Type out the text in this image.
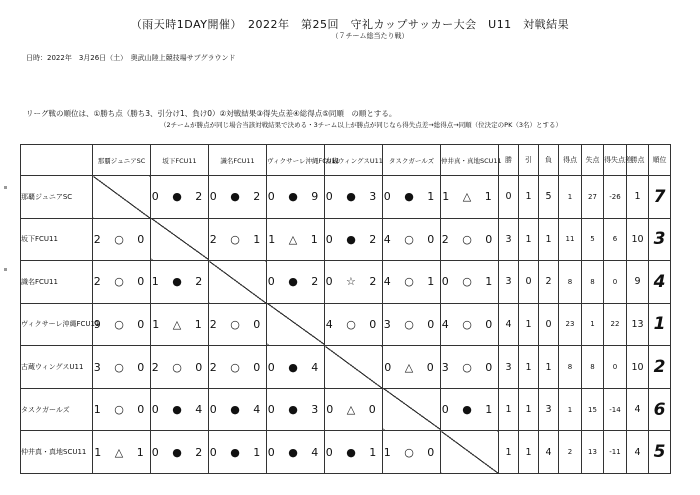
（雨天時1DAY開催）　2022年　第25回　守礼カップサッカー大会　U11　対戦結果
（７チーム総当たり戦）
日時：2022年　3月26日（土）　奥武山陸上競技場サブグラウンド
リーグ戦の順位は、①勝ち点（勝ち3、引分け1、負け0）②対戦結果③得失点差④総得点⑤同順　の順とする。
（2チームが勝点が同じ場合当該対戦結果で決める・3チーム以上が勝点が同じなら得失点差→総得点→同順（位決定のPK（3名）とする）
	那覇ジュニアSC	坂下FCU11	識名FCU11	ヴィクサーレ沖縄FCU11	古蔵ウィングスU11	タスクガールズ	仲井真・真地SCU11	勝	引	負	得点	失点	得失点差	勝点	順位
那覇ジュニアSC		0 ● 2	0 ● 2	0 ● 9	0 ● 3	0 ● 1	1 △ 1	0	1	5	1	27	-26	1	7
坂下FCU11	2 ○ 0		2 ○ 1	1 △ 1	0 ● 2	4 ○ 0	2 ○ 0	3	1	1	11	5	6	10	3
識名FCU11	2 ○ 0	1 ● 2		0 ● 2	0 ☆ 2	4 ○ 1	0 ○ 1	3	0	2	8	8	0	9	4
ヴィクサーレ沖縄FCU11	9 ○ 0	1 △ 1	2 ○ 0		4 ○ 0	3 ○ 0	4 ○ 0	4	1	0	23	1	22	13	1
古蔵ウィングスU11	3 ○ 0	2 ○ 0	2 ○ 0	0 ● 4		0 △ 0	3 ○ 0	3	1	1	8	8	0	10	2
タスクガールズ	1 ○ 0	0 ● 4	0 ● 4	0 ● 3	0 △ 0		0 ● 1	1	1	3	1	15	-14	4	6
仲井真・真地SCU11	1 △ 1	0 ● 2	0 ● 1	0 ● 4	0 ● 1	1 ○ 0		1	1	4	2	13	-11	4	5
